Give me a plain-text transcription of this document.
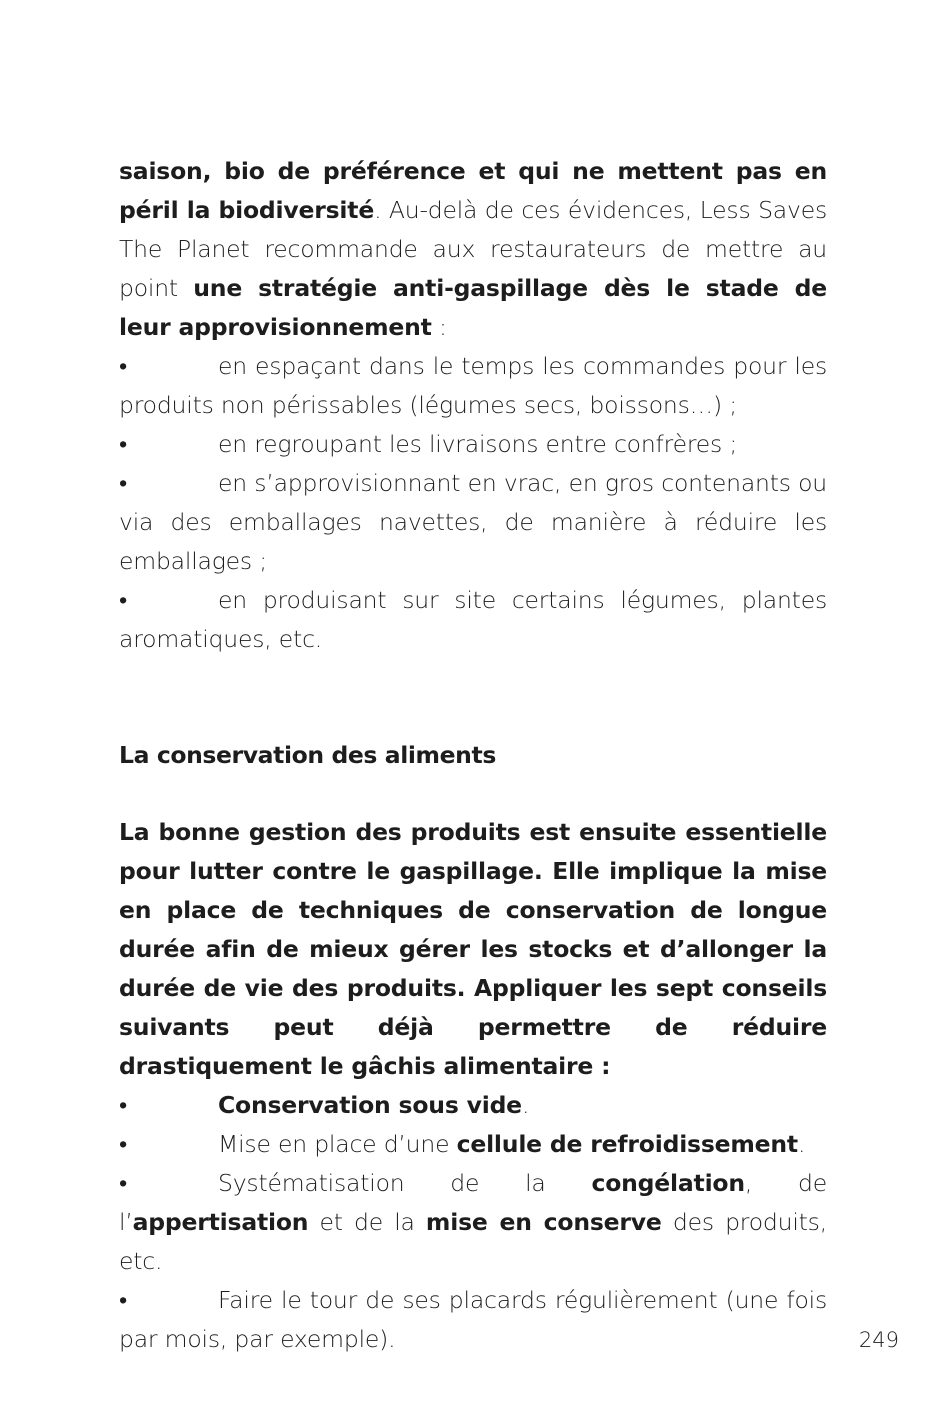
saison, bio de préférence et qui ne mettent pas en péril la biodiversité. Au-delà de ces évidences, Less Saves The Planet recommande aux restaurateurs de mettre au point une stratégie anti-gaspillage dès le stade de leur approvisionnement :

•	en espaçant dans le temps les commandes pour les produits non périssables (légumes secs, boissons…) ;

•	en regroupant les livraisons entre confrères ;

•	en s’approvisionnant en vrac, en gros contenants ou via des emballages navettes, de manière à réduire les emballages ;

•	en produisant sur site certains légumes, plantes aromatiques, etc.

La conservation des aliments

La bonne gestion des produits est ensuite essentielle pour lutter contre le gaspillage. Elle implique la mise en place de techniques de conservation de longue durée afin de mieux gérer les stocks et d’allonger la durée de vie des produits. Appliquer les sept conseils suivants peut déjà permettre de réduire drastiquement le gâchis alimentaire :

•	Conservation sous vide.

•	Mise en place d’une cellule de refroidissement.

•	Systématisation de la congélation, de l’appertisation et de la mise en conserve des produits, etc.

•	Faire le tour de ses placards régulièrement (une fois par mois, par exemple).	249
